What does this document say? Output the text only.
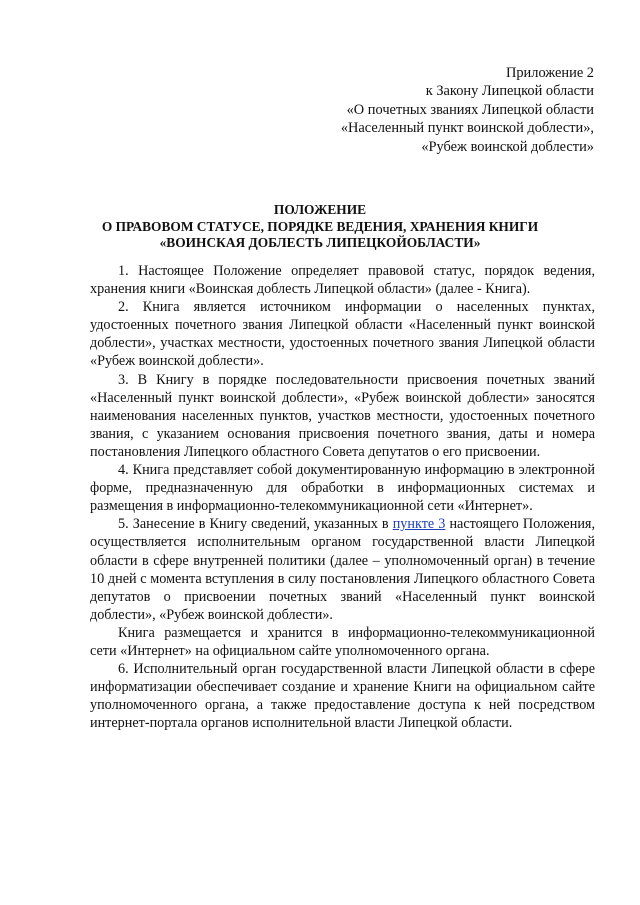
Приложение 2
к Закону Липецкой области
«О почетных званиях Липецкой области
«Населенный пункт воинской доблести»,
«Рубеж воинской доблести»
ПОЛОЖЕНИЕ
О ПРАВОВОМ СТАТУСЕ, ПОРЯДКЕ ВЕДЕНИЯ, ХРАНЕНИЯ КНИГИ
«ВОИНСКАЯ ДОБЛЕСТЬ ЛИПЕЦКОЙОБЛАСТИ»

1. Настоящее Положение определяет правовой статус, порядок ведения, хранения книги «Воинская доблесть Липецкой области» (далее - Книга).

2. Книга является источником информации о населенных пунктах, удостоенных почетного звания Липецкой области «Населенный пункт воинской доблести», участках местности, удостоенных почетного звания Липецкой области «Рубеж воинской доблести».

3. В Книгу в порядке последовательности присвоения почетных званий «Населенный пункт воинской доблести», «Рубеж воинской доблести» заносятся наименования населенных пунктов, участков местности, удостоенных почетного звания, с указанием основания присвоения почетного звания, даты и номера постановления Липецкого областного Совета депутатов о его присвоении.

4. Книга представляет собой документированную информацию в электронной форме, предназначенную для обработки в информационных системах и размещения в информационно-телекоммуникационной сети «Интернет».

5. Занесение в Книгу сведений, указанных в пункте 3 настоящего Положения, осуществляется исполнительным органом государственной власти Липецкой области в сфере внутренней политики (далее – уполномоченный орган) в течение 10 дней с момента вступления в силу постановления Липецкого областного Совета депутатов о присвоении почетных званий «Населенный пункт воинской доблести», «Рубеж воинской доблести».

Книга размещается и хранится в информационно-телекоммуникационной сети «Интернет» на официальном сайте уполномоченного органа.

6. Исполнительный орган государственной власти Липецкой области в сфере информатизации обеспечивает создание и хранение Книги на официальном сайте уполномоченного органа, а также предоставление доступа к ней посредством интернет-портала органов исполнительной власти Липецкой области.
